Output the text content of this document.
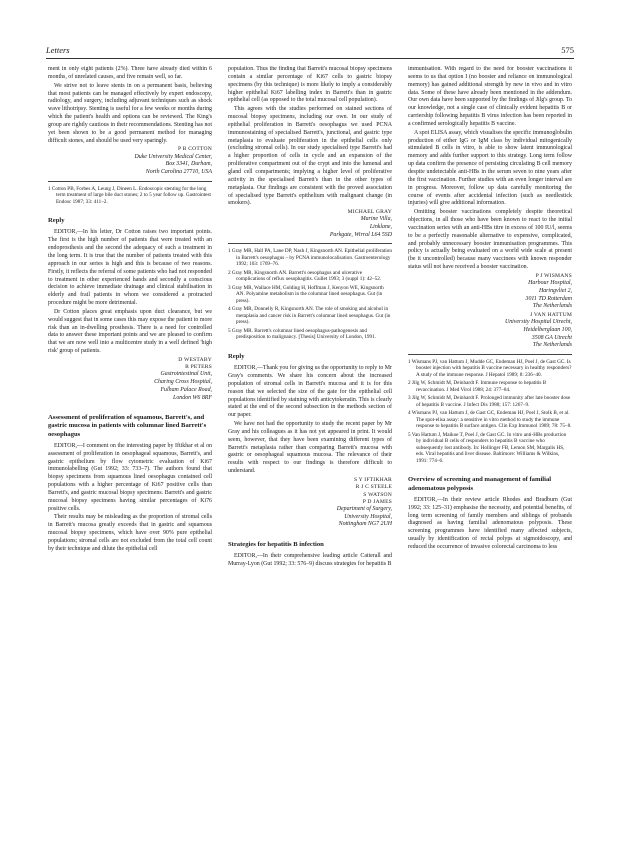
Letters	575

ment in only eight patients (2%). Three have already died within 6 months, of unrelated causes, and five remain well, so far.

We strive not to leave stents in on a permanent basis, believing that most patients can be managed effectively by expert endoscopy, radiology, and surgery, including adjuvant techniques such as shock wave lithotripsy. Stenting is useful for a few weeks or months during which the patient's health and options can be reviewed. The King's group are rightly cautious in their recommendations. Stenting has not yet been shown to be a good permanent method for managing difficult stones, and should be used very sparingly.

P B COTTON
Duke University Medical Center,
Box 3341, Durham,
North Carolina 27710, USA
1 Cotton PB, Forbes A, Leung J, Dineen L. Endoscopic stenting for the long term treatment of large bile duct stones; 2 to 5 year follow up. Gastrointest Endosc 1987; 33: 411–2.
Reply

EDITOR,—In his letter, Dr Cotton raises two important points. The first is the high number of patients that were treated with an endoprosthesis and the second the adequacy of such a treatment in the long term. It is true that the number of patients treated with this approach in our series is high and this is because of two reasons. Firstly, it reflects the referral of some patients who had not responded to treatment in other experienced hands and secondly a conscious decision to achieve immediate drainage and clinical stabilisation in elderly and frail patients in whom we considered a protracted procedure might be more detrimental.

Dr Cotton places great emphasis upon duct clearance, but we would suggest that in some cases this may expose the patient to more risk than an in-dwelling prosthesis. There is a need for controlled data to answer these important points and we are pleased to confirm that we are now well into a multicentre study in a well defined 'high risk' group of patients.

D WESTABY
R PETERS
Gastrointestinal Unit,
Charing Cross Hospital,
Fulham Palace Road,
London W6 8RF
Assessment of proliferation of squamous, Barrett's, and gastric mucosa in patients with columnar lined Barrett's oesophagus

EDITOR,—I comment on the interesting paper by Iftikhar et al on assessment of proliferation in oesophageal squamous, Barrett's, and gastric epithelium by flow cytometric evaluation of Ki67 immunolabelling (Gut 1992; 33: 733–7). The authors found that biopsy specimens from squamous lined oesophagus contained cell populations with a higher percentage of Ki67 positive cells than Barrett's, and gastric mucosal biopsy specimens. Barrett's and gastric mucosal biopsy specimens having similar percentages of Ki76 positive cells.

Their results may be misleading as the proportion of stromal cells in Barrett's mucosa greatly exceeds that in gastric and squamous mucosal biopsy specimens, which have over 90% pure epithelial populations; stromal cells are not excluded from the total cell count by their technique and dilute the epithelial cell

population. Thus the finding that Barrett's mucosal biopsy specimens contain a similar percentage of Ki67 cells to gastric biopsy specimens (by this technique) is more likely to imply a considerably higher epithelial Ki67 labelling index in Barrett's than in gastric epithelial cell (as opposed to the total mucosal cell population).

This agrees with the studies performed on stained sections of mucosal biopsy specimens, including our own. In our study of epithelial proliferation in Barrett's oesophagus we used PCNA immunostaining of specialised Barrett's, junctional, and gastric type metaplasia to evaluate proliferation in the epithelial cells only (excluding stromal cells). In our study specialised type Barrett's had a higher proportion of cells in cycle and an expansion of the proliferative compartment out of the crypt and into the lumenal and gland cell compartments; implying a higher level of proliferative activity in the specialised Barrett's than in the other types of metaplasia. Our findings are consistent with the proved association of specialised type Barrett's epithelium with malignant change (in smokers).

MICHAEL GRAY
Marine Villa,
Linklane,
Parkgate, Wirral L64 5SD
1 Gray MR, Hall PA, Lane DP, Nash J, Kingsnorth AN. Epithelial proliferation in Barrett's oesophagus – by PCNA immunolocalisation. Gastroenterology 1992; 103: 1769–76.
2 Gray MR, Kingsnorth AN. Barrett's oesophagus and ulcerative complications of reflux oesophagitis. Gullet 1993; 3 (suppl 1): 42–52.
3 Gray MR, Wallace HM, Golding H, Hoffman J, Kenyon WE, Kingsnorth AN. Polyamine metabolism in the columnar lined oesophagus. Gut (in press).
4 Gray MR, Donnelly R, Kingsnorth AN. The role of smoking and alcohol in metaplasia and cancer risk in Barrett's columnar lined oesophagus. Gut (in press).
5 Gray MR. Barrett's columnar lined oesophagus-pathogenesis and predisposition to malignancy. [Thesis] University of London, 1991.
Reply

EDITOR,—Thank you for giving us the opportunity to reply to Mr Gray's comments. We share his concern about the increased population of stromal cells in Barrett's mucosa and it is for this reason that we selected the size of the gate for the epithelial cell populations identified by staining with anticytokeratin. This is clearly stated at the end of the second subsection in the methods section of our paper.

We have not had the opportunity to study the recent paper by Mr Gray and his colleagues as it has not yet appeared in print. It would seem, however, that they have been examining different types of Barrett's metaplasia rather than comparing Barrett's mucosa with gastric or oesophageal squamous mucosa. The relevance of their results with respect to our findings is therefore difficult to understand.

S Y IFTIKHAR
R J C STEELE
S WATSON
P D JAMES
Department of Surgery,
University Hospital,
Nottingham NG7 2UH
Strategies for hepatitis B infection

EDITOR,—In their comprehensive leading article Catterall and Murray-Lyon (Gut 1992; 33: 576–9) discuss strategies for hepatitis B

immunisation. With regard to the need for booster vaccinations it seems to us that option I (no booster and reliance on immunological memory) has gained additional strength by new in vivo and in vitro data. Some of these have already been mentioned in the addendum. Our own data have been supported by the findings of Jilg's group. To our knowledge, not a single case of clinically evident hepatitis B or carriership following hepatitis B virus infection has been reported in a confirmed serologically hepatitis B vaccine.

A spot ELISA assay, which visualises the specific immunoglobulin production of either IgG or IgM class by individual mitogenically stimulated B cells in vitro, is able to show latent immunological memory and adds further support to this strategy. Long term follow up data confirm the presence of persisting circulating B cell memory despite undetectable anti-HBs in the serum seven to nine years after the first vaccination. Further studies with an even longer interval are in progress. Moreover, follow up data carefully monitoring the course of events after accidental infection (such as needlestick injuries) will give additional information.

Omitting booster vaccinations completely despite theoretical objections, in all those who have been known to react to the initial vaccination series with an anti-HBs titre in excess of 100 IU/l, seems to be a perfectly reasonable alternative to expensive, complicated, and probably unnecessary booster immunisation programmes. This policy is actually being evaluated on a world wide scale at present (be it uncontrolled) because many vaccinees with known responder status will not have received a booster vaccination.

P J WISMANS
Harbour Hospital,
Haringvliet 2,
3011 TD Rotterdam
The Netherlands
J VAN HATTUM
University Hospital Utrecht,
Heidelberglaan 100,
3508 GA Utrecht
The Netherlands
1 Wismans PJ, van Hattum J, Mudde GC, Endeman HJ, Poel J, de Gast GC. Is booster injection with hepatitis B vaccine necessary in healthy responders? A study of the immune response. J Hepatol 1989; 8: 236–40.
2 Jilg W, Schmidt M, Deinhardt F. Immune response to hepatitis B revaccination. J Med Virol 1988; 24: 377–84.
3 Jilg W, Schmidt M, Deinhardt F. Prolonged immunity after late booster dose of hepatitis B vaccine. J Infect Dis 1988; 157: 1267–9.
4 Wismans PJ, van Hattum J, de Gast GC, Endeman HJ, Poel J, Stolk B, et al. The spot-elisa assay: a sensitive in vitro method to study the immune response to hepatitis B surface antigen. Clin Exp Immunol 1989; 78: 75–8.
5 Van Hattum J, Maikoe T, Poel J, de Gast GC. In vitro anti-HBs production by individual B cells of responders to hepatitis B vaccine who subsequently lost antibody. In: Hollinger FB, Lemon SM, Margalis HS, eds. Viral hepatitis and liver disease. Baltimore: Williams & Wilkins, 1991: 774–6.
Overview of screening and management of familial adenomatous polyposis

EDITOR,—In their review article Rhodes and Bradburn (Gut 1992; 33: 125–31) emphasise the necessity, and potential benefits, of long term screening of family members and siblings of probands diagnosed as having familial adenomatous polyposis. These screening programmes have identified many affected subjects, usually by identification of rectal polyps at sigmoidoscopy, and reduced the occurrence of invasive colorectal carcinoma to less
